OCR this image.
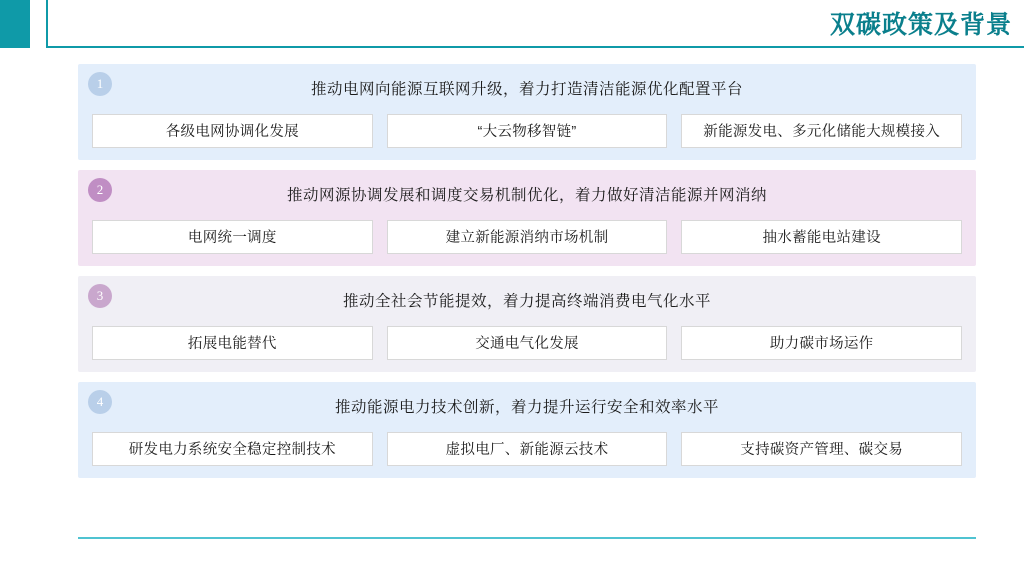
双碳政策及背景
1	推动电网向能源互联网升级，着力打造清洁能源优化配置平台
各级电网协调化发展	“大云物移智链”	新能源发电、多元化储能大规模接入
2	推动网源协调发展和调度交易机制优化，着力做好清洁能源并网消纳
电网统一调度	建立新能源消纳市场机制	抽水蓄能电站建设
3	推动全社会节能提效，着力提高终端消费电气化水平
拓展电能替代	交通电气化发展	助力碳市场运作
4	推动能源电力技术创新，着力提升运行安全和效率水平
研发电力系统安全稳定控制技术	虚拟电厂、新能源云技术	支持碳资产管理、碳交易
